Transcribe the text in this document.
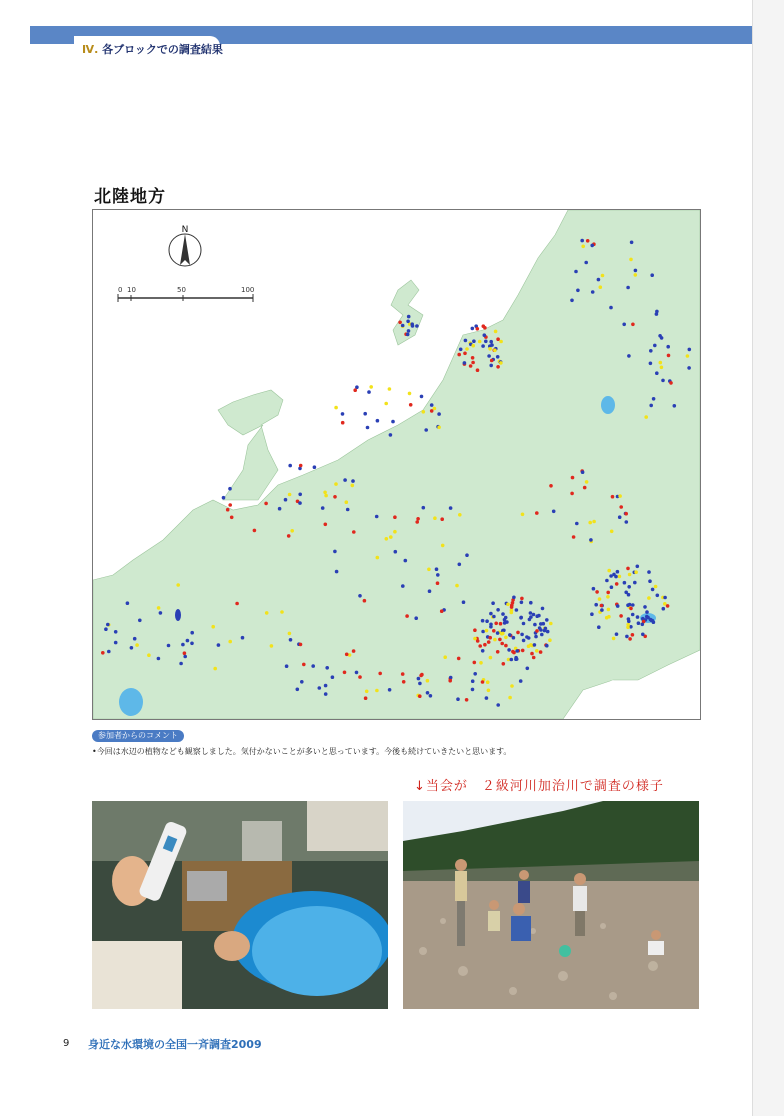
Ⅳ. 各ブロックでの調査結果
北陸地方
N
0 10	50	100
参加者からのコメント
•今回は水辺の植物なども観察しました。気付かないことが多いと思っています。今後も続けていきたいと思います。
↓当会が　２級河川加治川で調査の様子
9 身近な水環境の全国一斉調査2009
